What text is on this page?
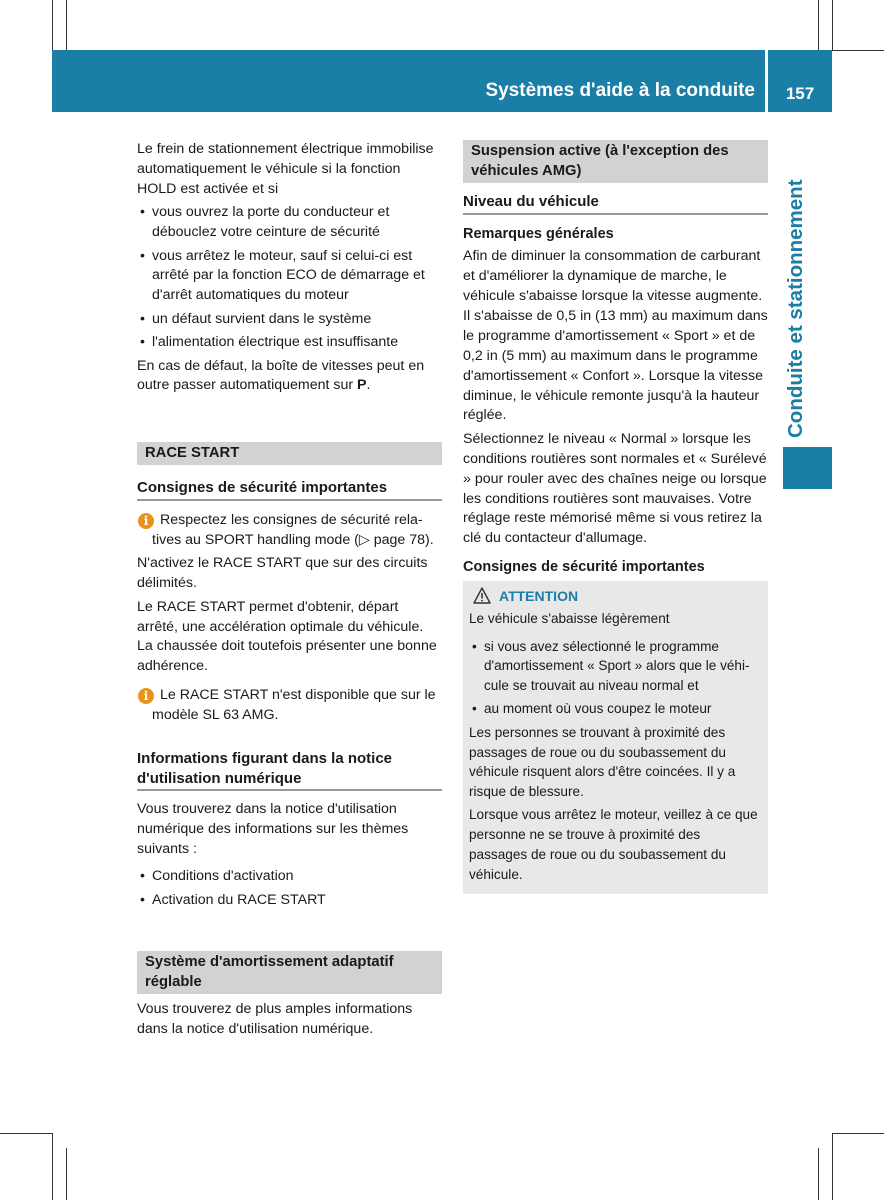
Systèmes d'aide à la conduite	157
Conduite et stationnement

Le frein de stationnement électrique immobilise automatiquement le véhicule si la fonction HOLD est activée et si

• vous ouvrez la porte du conducteur et débouclez votre ceinture de sécurité
• vous arrêtez le moteur, sauf si celui-ci est arrêté par la fonction ECO de démarrage et d'arrêt automatiques du moteur
• un défaut survient dans le système
• l'alimentation électrique est insuffisante

En cas de défaut, la boîte de vitesses peut en outre passer automatiquement sur P.

RACE START
Consignes de sécurité importantes
i Respectez les consignes de sécurité relatives au SPORT handling mode (▷ page 78).

N'activez le RACE START que sur des circuits délimités.

Le RACE START permet d'obtenir, départ arrêté, une accélération optimale du véhicule. La chaussée doit toutefois présenter une bonne adhérence.

i Le RACE START n'est disponible que sur le modèle SL 63 AMG.
Informations figurant dans la notice d'utilisation numérique

Vous trouverez dans la notice d'utilisation numérique des informations sur les thèmes suivants :

• Conditions d'activation
• Activation du RACE START
Système d'amortissement adaptatif réglable

Vous trouverez de plus amples informations dans la notice d'utilisation numérique.

Suspension active (à l'exception des véhicules AMG)
Niveau du véhicule
Remarques générales

Afin de diminuer la consommation de carburant et d'améliorer la dynamique de marche, le véhicule s'abaisse lorsque la vitesse augmente. Il s'abaisse de 0,5 in (13 mm) au maximum dans le programme d'amortissement « Sport » et de 0,2 in (5 mm) au maximum dans le programme d'amortissement « Confort ». Lorsque la vitesse diminue, le véhicule remonte jusqu'à la hauteur réglée.

Sélectionnez le niveau « Normal » lorsque les conditions routières sont normales et « Surélevé » pour rouler avec des chaînes neige ou lorsque les conditions routières sont mauvaises. Votre réglage reste mémorisé même si vous retirez la clé du contacteur d'allumage.

Consignes de sécurité importantes
ATTENTION

Le véhicule s'abaisse légèrement

• si vous avez sélectionné le programme d'amortissement « Sport » alors que le véhicule se trouvait au niveau normal et
• au moment où vous coupez le moteur

Les personnes se trouvant à proximité des passages de roue ou du soubassement du véhicule risquent alors d'être coincées. Il y a risque de blessure.

Lorsque vous arrêtez le moteur, veillez à ce que personne ne se trouve à proximité des passages de roue ou du soubassement du véhicule.
